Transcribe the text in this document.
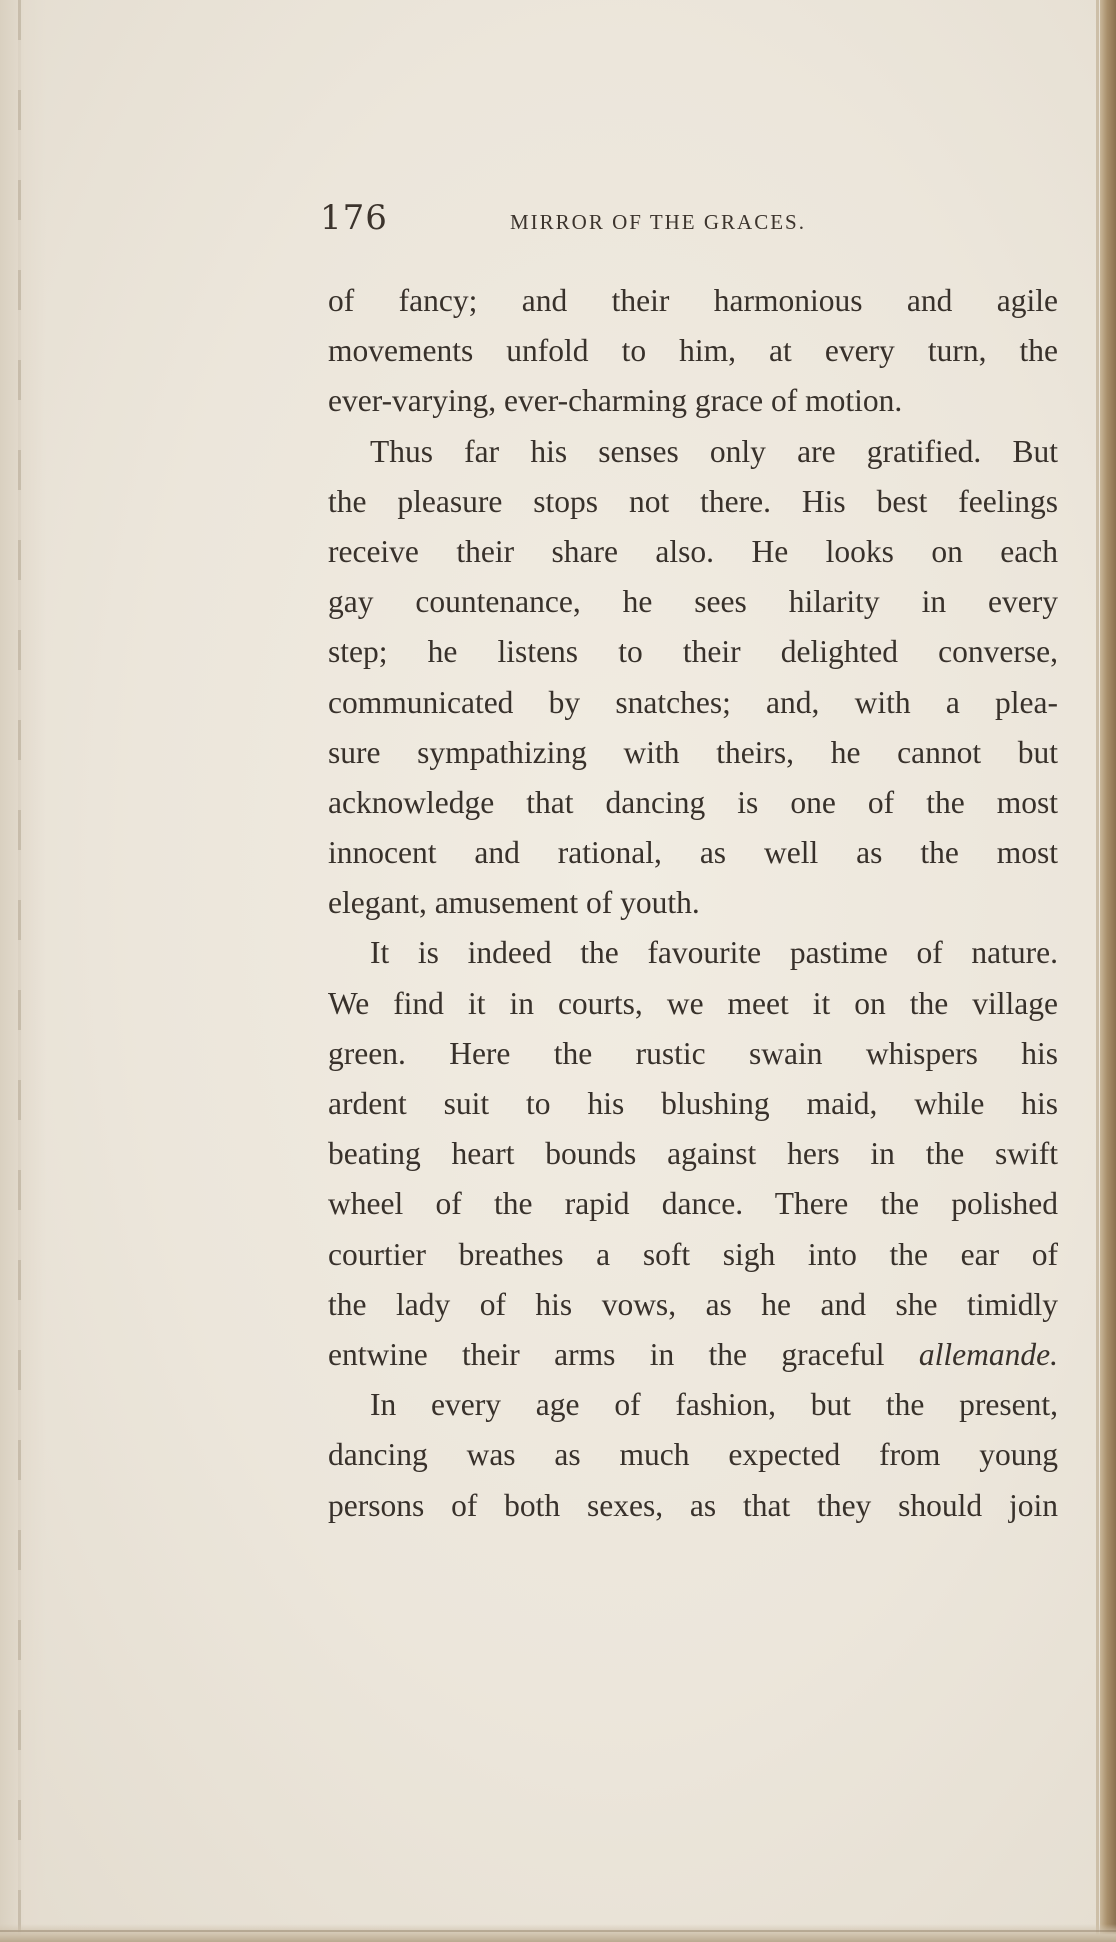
176	MIRROR OF THE GRACES.
of fancy; and their harmonious and agile
movements unfold to him, at every turn, the
ever-varying, ever-charming grace of motion.
Thus far his senses only are gratified. But
the pleasure stops not there. His best feelings
receive their share also. He looks on each
gay countenance, he sees hilarity in every
step; he listens to their delighted converse,
communicated by snatches; and, with a plea-
sure sympathizing with theirs, he cannot but
acknowledge that dancing is one of the most
innocent and rational, as well as the most
elegant, amusement of youth.
It is indeed the favourite pastime of nature.
We find it in courts, we meet it on the village
green. Here the rustic swain whispers his
ardent suit to his blushing maid, while his
beating heart bounds against hers in the swift
wheel of the rapid dance. There the polished
courtier breathes a soft sigh into the ear of
the lady of his vows, as he and she timidly
entwine their arms in the graceful allemande.
In every age of fashion, but the present,
dancing was as much expected from young
persons of both sexes, as that they should join
